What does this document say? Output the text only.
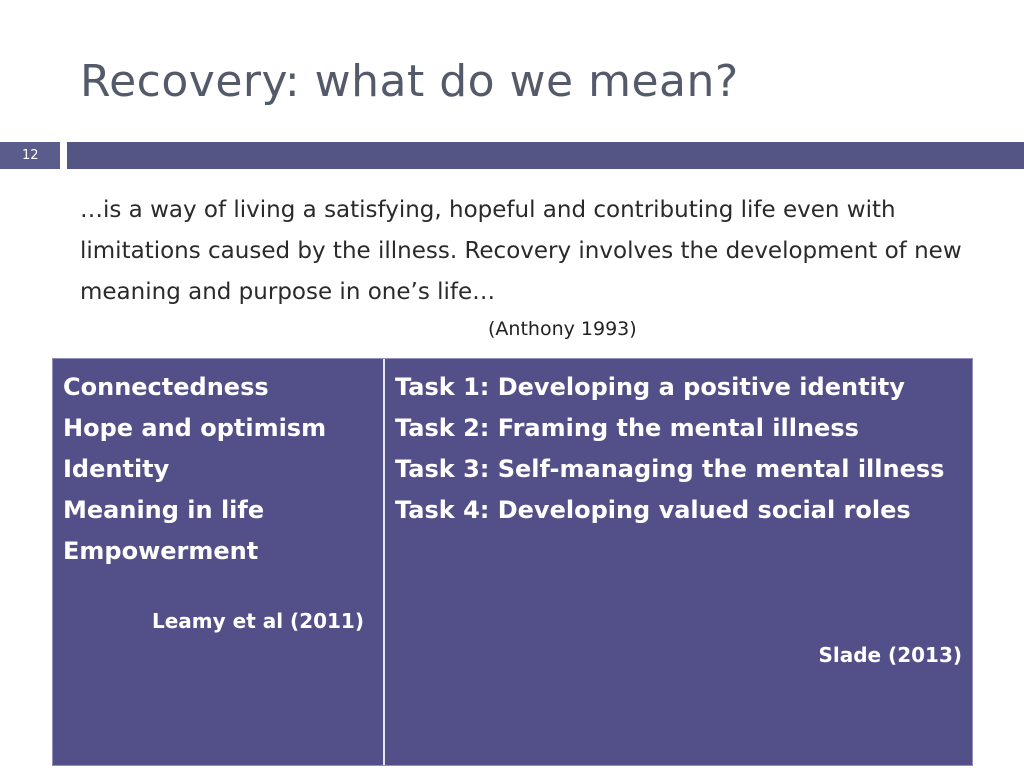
Recovery: what do we mean?
12
…is a way of living a satisfying, hopeful and contributing life even with limitations caused by the illness. Recovery involves the development of new meaning and purpose in one’s life…
(Anthony 1993)
Connectedness
Hope and optimism
Identity
Meaning in life
Empowerment
Leamy et al (2011)
Task 1: Developing a positive identity
Task 2: Framing the mental illness
Task 3: Self-managing the mental illness
Task 4: Developing valued social roles
Slade (2013)
